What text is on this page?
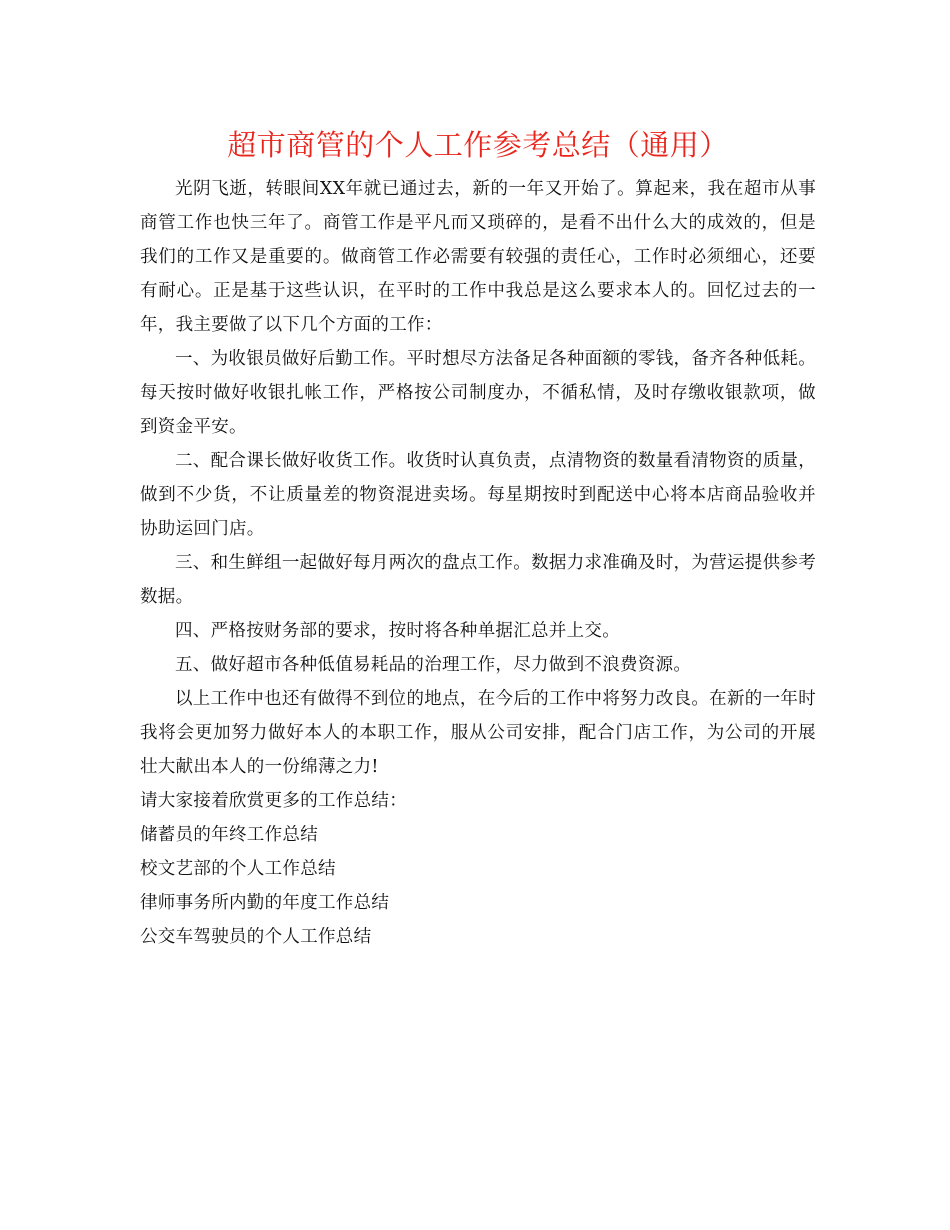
超市商管的个人工作参考总结（通用）

光阴飞逝，转眼间XX年就已通过去，新的一年又开始了。算起来，我在超市从事商管工作也快三年了。商管工作是平凡而又琐碎的，是看不出什么大的成效的，但是我们的工作又是重要的。做商管工作必需要有较强的责任心，工作时必须细心，还要有耐心。正是基于这些认识，在平时的工作中我总是这么要求本人的。回忆过去的一年，我主要做了以下几个方面的工作：

一、为收银员做好后勤工作。平时想尽方法备足各种面额的零钱，备齐各种低耗。每天按时做好收银扎帐工作，严格按公司制度办，不循私情，及时存缴收银款项，做到资金平安。

二、配合课长做好收货工作。收货时认真负责，点清物资的数量看清物资的质量，做到不少货，不让质量差的物资混进卖场。每星期按时到配送中心将本店商品验收并协助运回门店。

三、和生鲜组一起做好每月两次的盘点工作。数据力求准确及时，为营运提供参考数据。

四、严格按财务部的要求，按时将各种单据汇总并上交。

五、做好超市各种低值易耗品的治理工作，尽力做到不浪费资源。

以上工作中也还有做得不到位的地点，在今后的工作中将努力改良。在新的一年时我将会更加努力做好本人的本职工作，服从公司安排，配合门店工作，为公司的开展壮大献出本人的一份绵薄之力!

请大家接着欣赏更多的工作总结：

储蓄员的年终工作总结
校文艺部的个人工作总结
律师事务所内勤的年度工作总结
公交车驾驶员的个人工作总结
